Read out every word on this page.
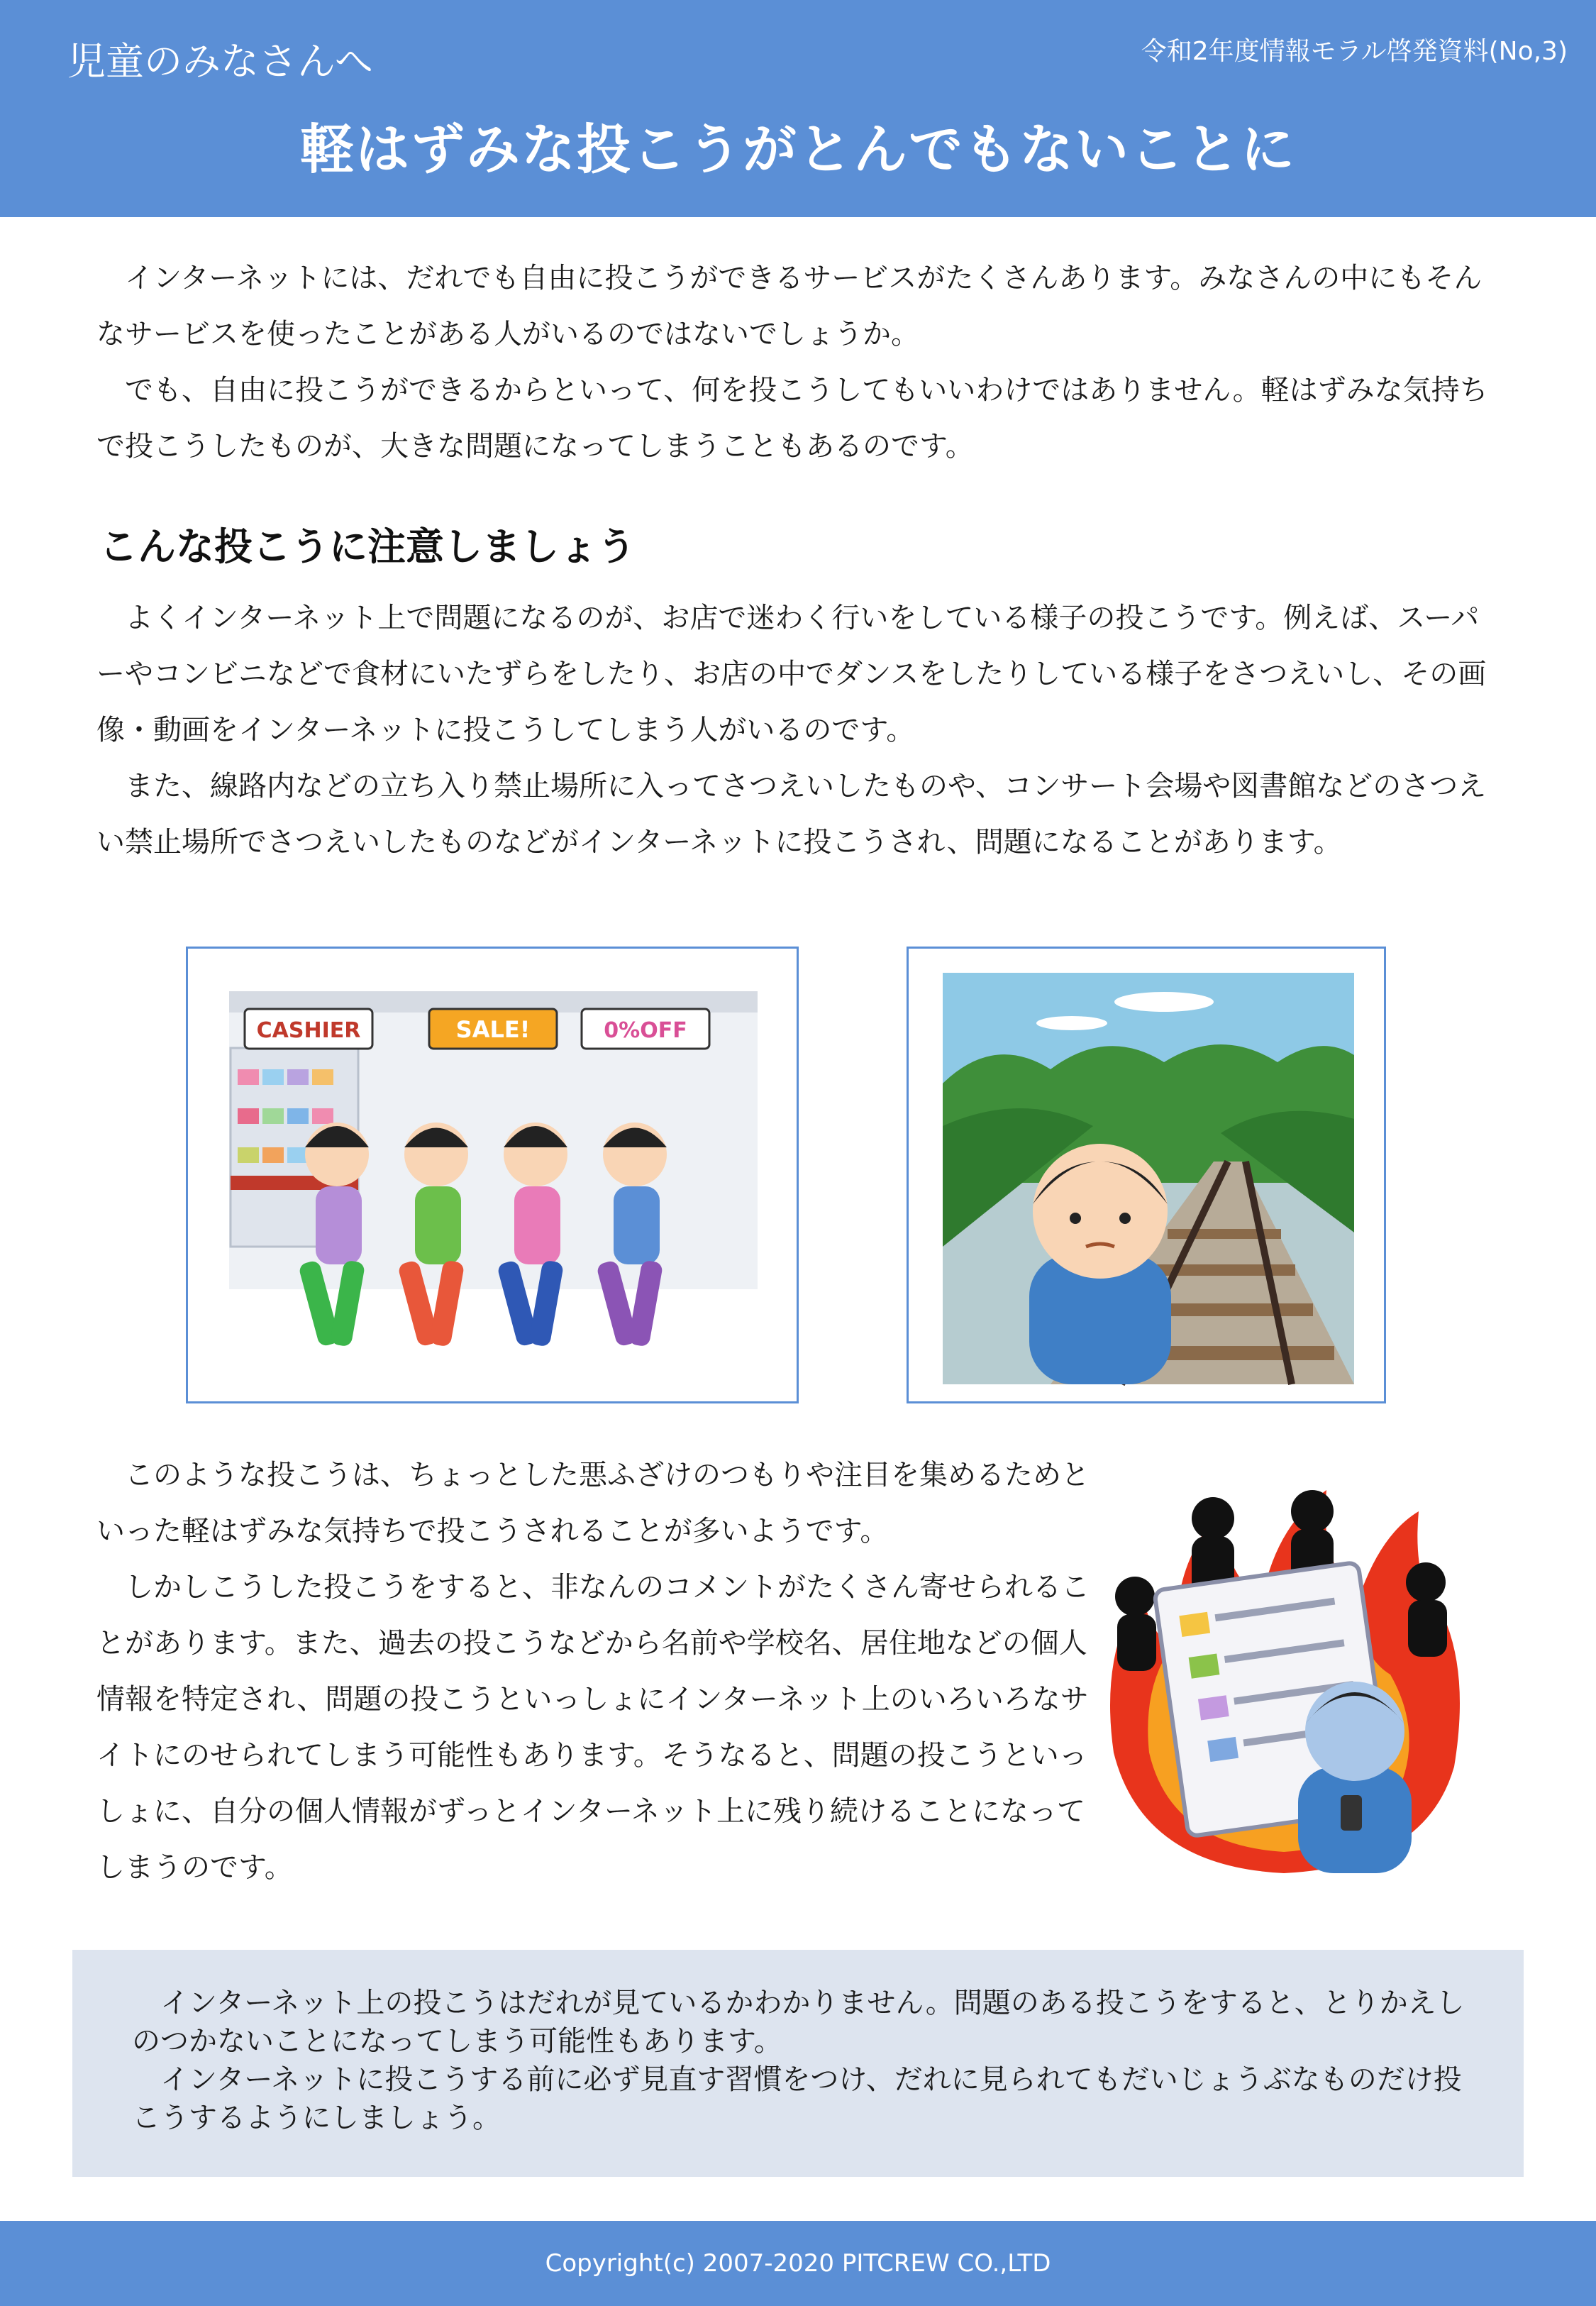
児童のみなさんへ	令和2年度情報モラル啓発資料(No,3)
軽はずみな投こうがとんでもないことに

インターネットには、だれでも自由に投こうができるサービスがたくさんあります。みなさんの中にもそんなサービスを使ったことがある人がいるのではないでしょうか。

でも、自由に投こうができるからといって、何を投こうしてもいいわけではありません。軽はずみな気持ちで投こうしたものが、大きな問題になってしまうこともあるのです。

こんな投こうに注意しましょう

よくインターネット上で問題になるのが、お店で迷わく行いをしている様子の投こうです。例えば、スーパーやコンビニなどで食材にいたずらをしたり、お店の中でダンスをしたりしている様子をさつえいし、その画像・動画をインターネットに投こうしてしまう人がいるのです。

また、線路内などの立ち入り禁止場所に入ってさつえいしたものや、コンサート会場や図書館などのさつえい禁止場所でさつえいしたものなどがインターネットに投こうされ、問題になることがあります。

CASHIER	SALE!	0%OFF

このような投こうは、ちょっとした悪ふざけのつもりや注目を集めるためといった軽はずみな気持ちで投こうされることが多いようです。

しかしこうした投こうをすると、非なんのコメントがたくさん寄せられることがあります。また、過去の投こうなどから名前や学校名、居住地などの個人情報を特定され、問題の投こうといっしょにインターネット上のいろいろなサイトにのせられてしまう可能性もあります。そうなると、問題の投こうといっしょに、自分の個人情報がずっとインターネット上に残り続けることになってしまうのです。

インターネット上の投こうはだれが見ているかわかりません。問題のある投こうをすると、とりかえしのつかないことになってしまう可能性もあります。

インターネットに投こうする前に必ず見直す習慣をつけ、だれに見られてもだいじょうぶなものだけ投こうするようにしましょう。

Copyright(c) 2007-2020 PITCREW CO.,LTD
